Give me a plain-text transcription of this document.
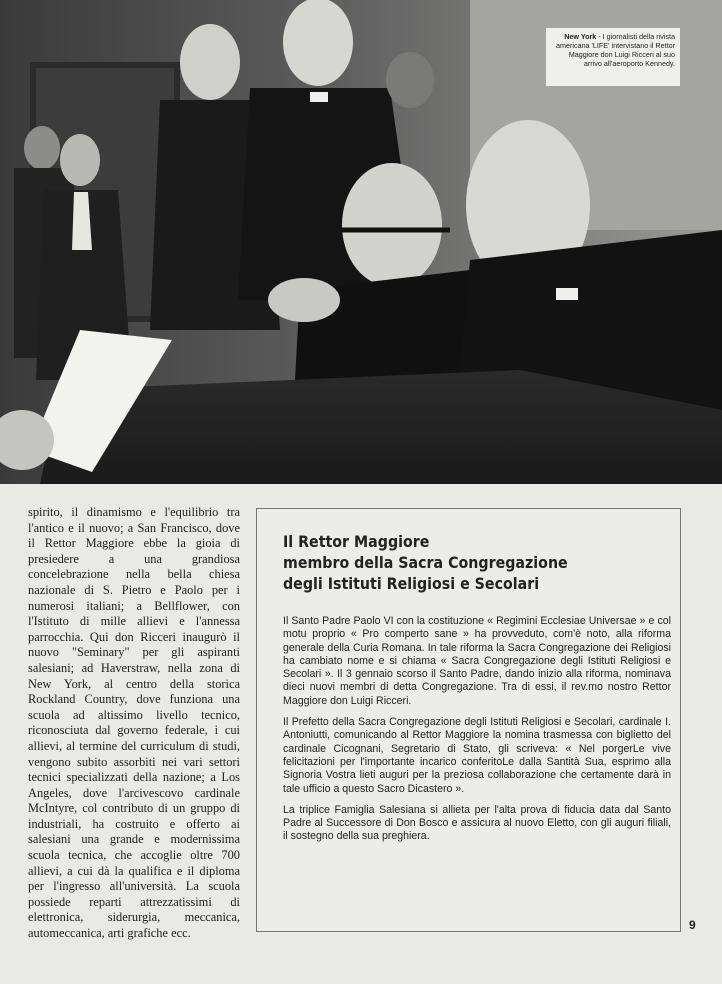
New York - I giornalisti della rivista americana 'LIFE' intervistano il Rettor Maggiore don Luigi Ricceri al suo arrivo all'aeroporto Kennedy.

spirito, il dinamismo e l'equilibrio tra l'antico e il nuovo; a San Francisco, dove il Rettor Maggiore ebbe la gioia di presiedere a una grandiosa concelebrazione nella bella chiesa nazionale di S. Pietro e Paolo per i numerosi italiani; a Bellflower, con l'Istituto di mille allievi e l'annessa parrocchia. Qui don Ricceri inaugurò il nuovo "Seminary" per gli aspiranti salesiani; ad Haverstraw, nella zona di New York, al centro della storica Rockland Country, dove funziona una scuola ad altissimo livello tecnico, riconosciuta dal governo federale, i cui allievi, al termine del curriculum di studi, vengono subito assorbiti nei vari settori tecnici specializzati della nazione; a Los Angeles, dove l'arcivescovo cardinale McIntyre, col contributo di un gruppo di industriali, ha costruito e offerto ai salesiani una grande e modernissima scuola tecnica, che accoglie oltre 700 allievi, a cui dà la qualifica e il diploma per l'ingresso all'università. La scuola possiede reparti attrezzatissimi di elettronica, siderurgia, meccanica, automeccanica, arti grafiche ecc.

Il Rettor Maggiore
membro della Sacra Congregazione
degli Istituti Religiosi e Secolari

Il Santo Padre Paolo VI con la costituzione « Regimini Ecclesiae Universae » e col motu proprio « Pro comperto sane » ha provveduto, com'è noto, alla riforma generale della Curia Romana. In tale riforma la Sacra Congregazione dei Religiosi ha cambiato nome e si chiama « Sacra Congregazione degli Istituti Religiosi e Secolari ». Il 3 gennaio scorso il Santo Padre, dando inizio alla riforma, nominava dieci nuovi membri di detta Congregazione. Tra di essi, il rev.mo nostro Rettor Maggiore don Luigi Ricceri.

Il Prefetto della Sacra Congregazione degli Istituti Religiosi e Secolari, cardinale I. Antoniutti, comunicando al Rettor Maggiore la nomina trasmessa con biglietto del cardinale Cicognani, Segretario di Stato, gli scriveva: « Nel porgerLe vive felicitazioni per l'importante incarico conferitoLe dalla Santità Sua, esprimo alla Signoria Vostra lieti auguri per la preziosa collaborazione che certamente darà in tale ufficio a questo Sacro Dicastero ».

La triplice Famiglia Salesiana si allieta per l'alta prova di fiducia data dal Santo Padre al Successore di Don Bosco e assicura al nuovo Eletto, con gli auguri filiali, il sostegno della sua preghiera.

9
